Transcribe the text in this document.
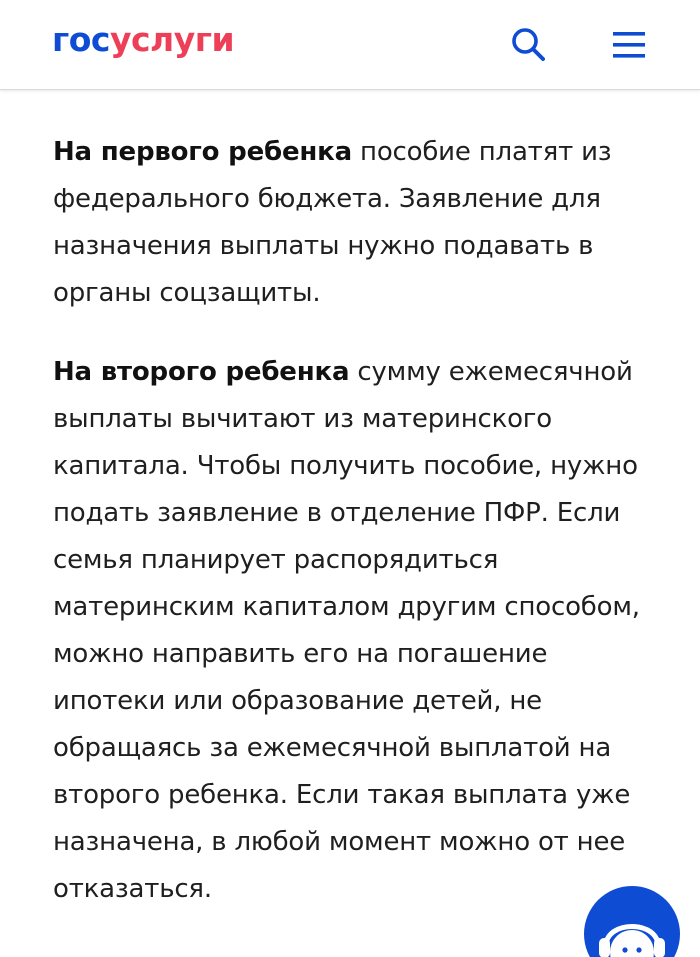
госуслуги

На первого ребенка пособие платят из федерального бюджета. Заявление для назначения выплаты нужно подавать в органы соцзащиты.

На второго ребенка сумму ежемесячной выплаты вычитают из материнского капитала. Чтобы получить пособие, нужно подать заявление в отделение ПФР. Если семья планирует распорядиться материнским капиталом другим способом, можно направить его на погашение ипотеки или образование детей, не обращаясь за ежемесячной выплатой на второго ребенка. Если такая выплата уже назначена, в любой момент можно от нее отказаться.
